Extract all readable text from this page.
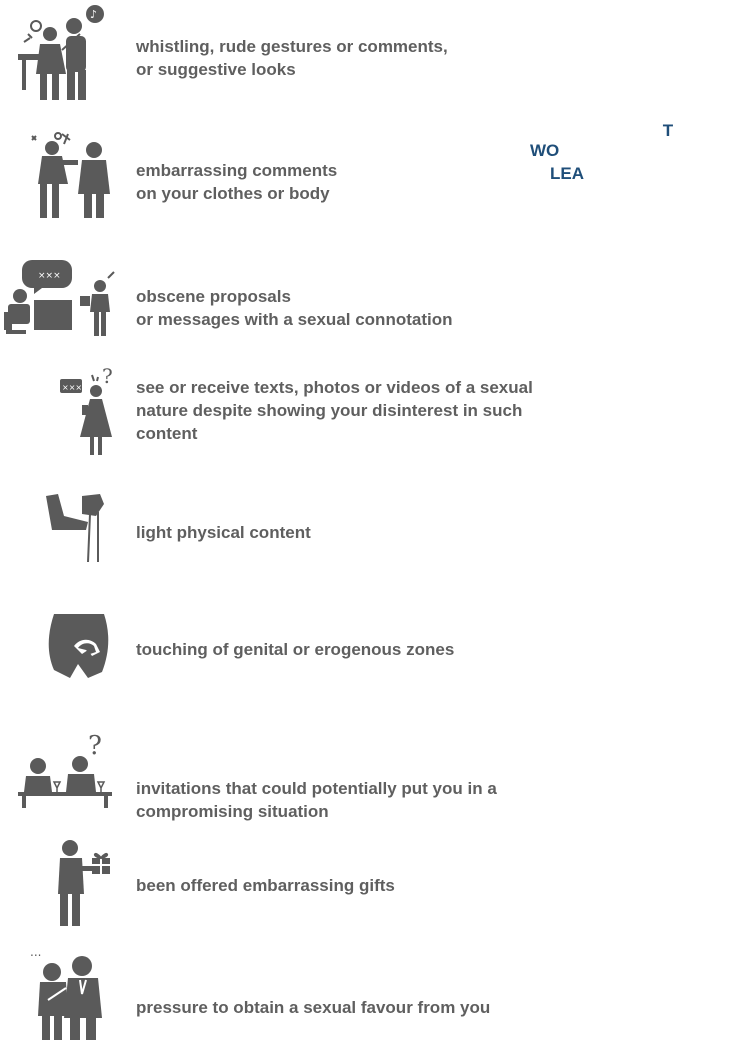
T
WO
LEA
♪
whistling, rude gestures or comments,
or suggestive looks
embarrassing comments
on your clothes or body
×××
obscene proposals
or messages with a sexual connotation
××× ? see or receive texts, photos or videos of a sexual
nature despite showing your disinterest in such
content
light physical content
touching of genital or erogenous zones
?
invitations that could potentially put you in a
compromising situation
been offered embarrassing gifts
...
pressure to obtain a sexual favour from you
